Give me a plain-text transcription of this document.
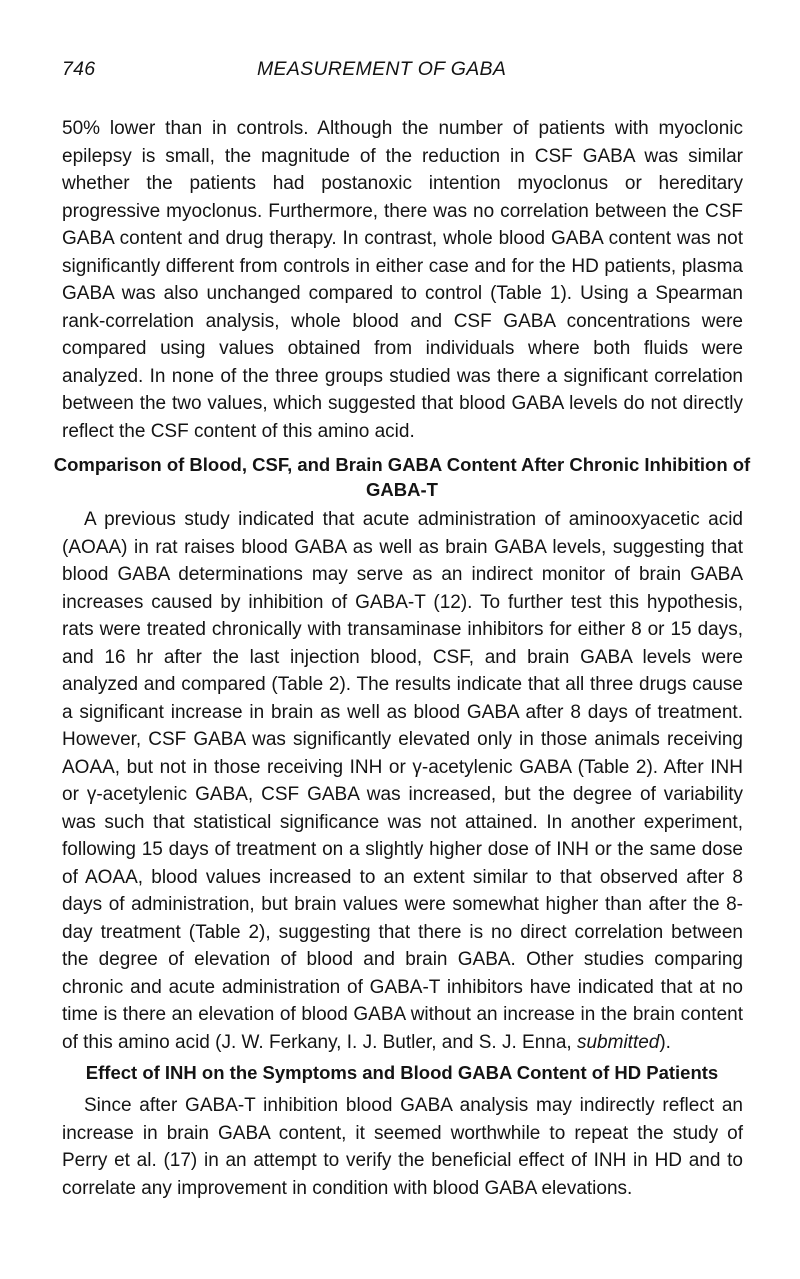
746	MEASUREMENT OF GABA

50% lower than in controls. Although the number of patients with myoclonic epilepsy is small, the magnitude of the reduction in CSF GABA was similar whether the patients had postanoxic intention myoclonus or hereditary progressive myoclonus. Furthermore, there was no correlation between the CSF GABA content and drug therapy. In contrast, whole blood GABA content was not significantly different from controls in either case and for the HD patients, plasma GABA was also unchanged compared to control (Table 1). Using a Spearman rank-correlation analysis, whole blood and CSF GABA concentrations were compared using values obtained from individuals where both fluids were analyzed. In none of the three groups studied was there a significant correlation between the two values, which suggested that blood GABA levels do not directly reflect the CSF content of this amino acid.

Comparison of Blood, CSF, and Brain GABA Content After Chronic Inhibition of GABA-T

A previous study indicated that acute administration of aminooxyacetic acid (AOAA) in rat raises blood GABA as well as brain GABA levels, suggesting that blood GABA determinations may serve as an indirect monitor of brain GABA increases caused by inhibition of GABA-T (12). To further test this hypothesis, rats were treated chronically with transaminase inhibitors for either 8 or 15 days, and 16 hr after the last injection blood, CSF, and brain GABA levels were analyzed and compared (Table 2). The results indicate that all three drugs cause a significant increase in brain as well as blood GABA after 8 days of treatment. However, CSF GABA was significantly elevated only in those animals receiving AOAA, but not in those receiving INH or γ-acetylenic GABA (Table 2). After INH or γ-acetylenic GABA, CSF GABA was increased, but the degree of variability was such that statistical significance was not attained. In another experiment, following 15 days of treatment on a slightly higher dose of INH or the same dose of AOAA, blood values increased to an extent similar to that observed after 8 days of administration, but brain values were somewhat higher than after the 8-day treatment (Table 2), suggesting that there is no direct correlation between the degree of elevation of blood and brain GABA. Other studies comparing chronic and acute administration of GABA-T inhibitors have indicated that at no time is there an elevation of blood GABA without an increase in the brain content of this amino acid (J. W. Ferkany, I. J. Butler, and S. J. Enna, submitted).

Effect of INH on the Symptoms and Blood GABA Content of HD Patients

Since after GABA-T inhibition blood GABA analysis may indirectly reflect an increase in brain GABA content, it seemed worthwhile to repeat the study of Perry et al. (17) in an attempt to verify the beneficial effect of INH in HD and to correlate any improvement in condition with blood GABA elevations.
